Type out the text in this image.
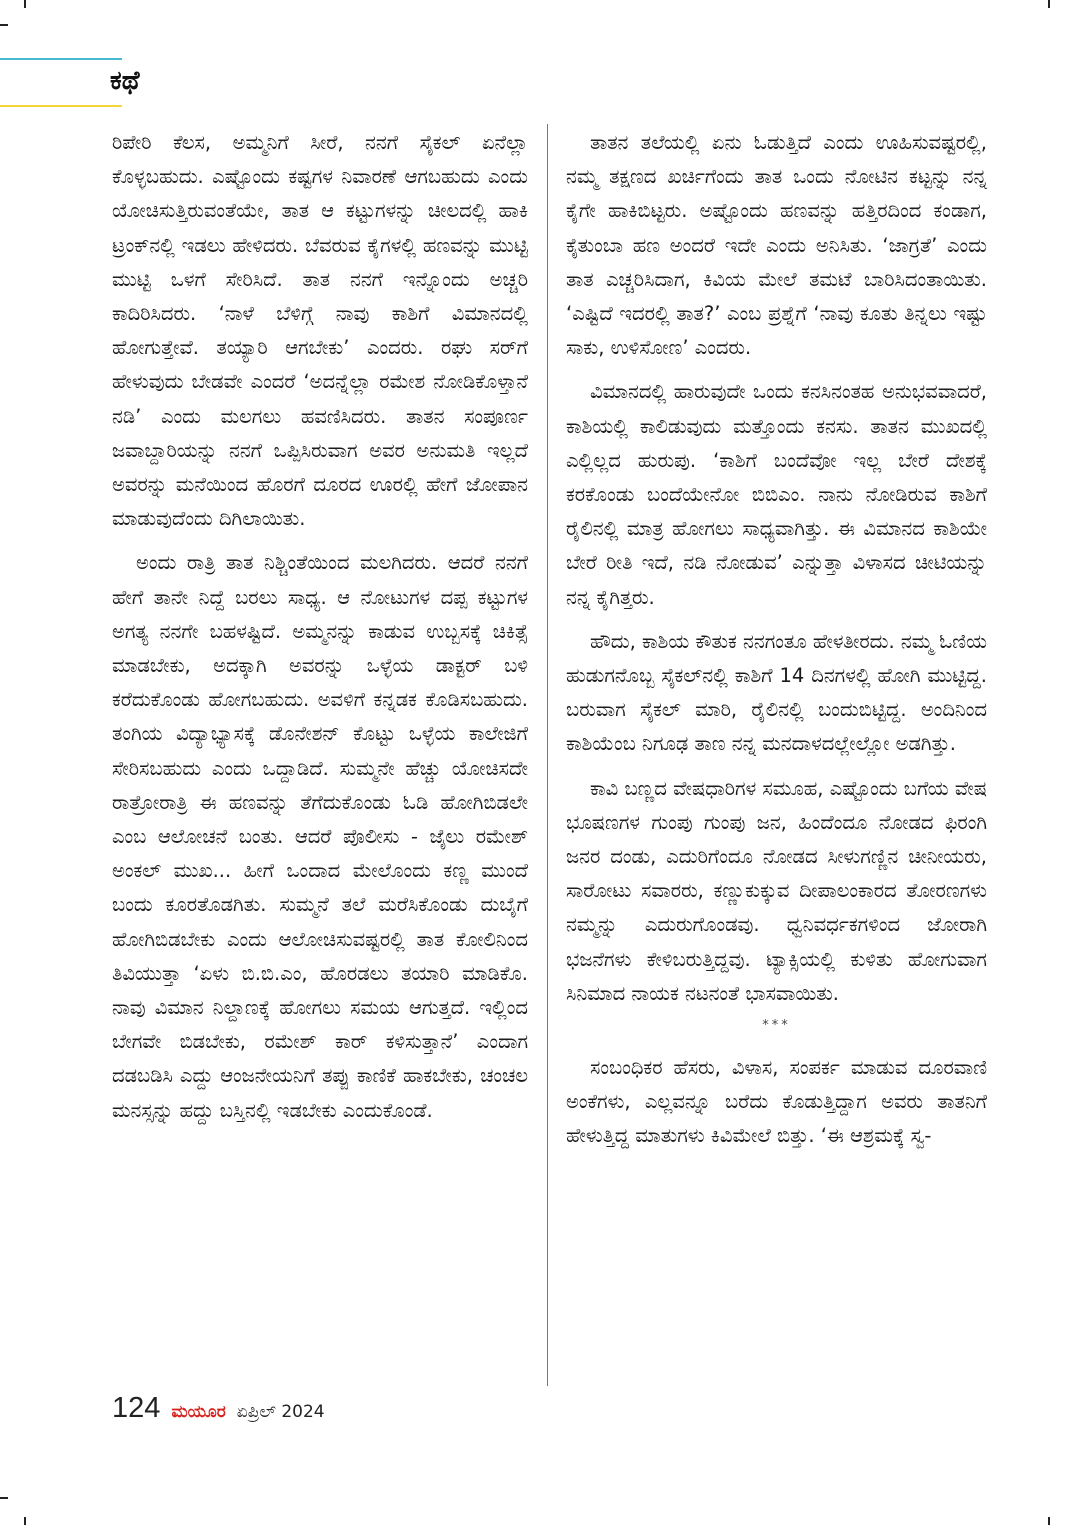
ಕಥೆ

ರಿಪೇರಿ ಕೆಲಸ, ಅಮ್ಮನಿಗೆ ಸೀರೆ, ನನಗೆ ಸೈಕಲ್ ಏನೆಲ್ಲಾ ಕೊಳ್ಳಬಹುದು. ಎಷ್ಟೊಂದು ಕಷ್ಟಗಳ ನಿವಾರಣೆ ಆಗಬಹುದು ಎಂದು ಯೋಚಿಸುತ್ತಿರುವಂತೆಯೇ, ತಾತ ಆ ಕಟ್ಟುಗಳನ್ನು ಚೀಲದಲ್ಲಿ ಹಾಕಿ ಟ್ರಂಕ್‌ನಲ್ಲಿ ಇಡಲು ಹೇಳಿದರು. ಬೆವರುವ ಕೈಗಳಲ್ಲಿ ಹಣವನ್ನು ಮುಟ್ಟಿ ಮುಟ್ಟಿ ಒಳಗೆ ಸೇರಿಸಿದೆ. ತಾತ ನನಗೆ ಇನ್ನೊಂದು ಅಚ್ಚರಿ ಕಾದಿರಿಸಿದರು. ‘ನಾಳೆ ಬೆಳಿಗ್ಗೆ ನಾವು ಕಾಶಿಗೆ ವಿಮಾನದಲ್ಲಿ ಹೋಗುತ್ತೇವೆ. ತಯ್ಯಾರಿ ಆಗಬೇಕು’ ಎಂದರು. ರಘು ಸರ್‌ಗೆ ಹೇಳುವುದು ಬೇಡವೇ ಎಂದರೆ ‘ಅದನ್ನೆಲ್ಲಾ ರಮೇಶ ನೋಡಿಕೊಳ್ತಾನೆ ನಡಿ’ ಎಂದು ಮಲಗಲು ಹವಣಿಸಿದರು. ತಾತನ ಸಂಪೂರ್ಣ ಜವಾಬ್ದಾರಿಯನ್ನು ನನಗೆ ಒಪ್ಪಿಸಿರುವಾಗ ಅವರ ಅನುಮತಿ ಇಲ್ಲದೆ ಅವರನ್ನು ಮನೆಯಿಂದ ಹೊರಗೆ ದೂರದ ಊರಲ್ಲಿ ಹೇಗೆ ಜೋಪಾನ ಮಾಡುವುದೆಂದು ದಿಗಿಲಾಯಿತು.

ಅಂದು ರಾತ್ರಿ ತಾತ ನಿಶ್ಚಿಂತೆಯಿಂದ ಮಲಗಿದರು. ಆದರೆ ನನಗೆ ಹೇಗೆ ತಾನೇ ನಿದ್ದೆ ಬರಲು ಸಾಧ್ಯ. ಆ ನೋಟುಗಳ ದಪ್ಪ ಕಟ್ಟುಗಳ ಅಗತ್ಯ ನನಗೇ ಬಹಳಷ್ಟಿದೆ. ಅಮ್ಮನನ್ನು ಕಾಡುವ ಉಬ್ಬಸಕ್ಕೆ ಚಿಕಿತ್ಸೆ ಮಾಡಬೇಕು, ಅದಕ್ಕಾಗಿ ಅವರನ್ನು ಒಳ್ಳೆಯ ಡಾಕ್ಟರ್ ಬಳಿ ಕರೆದುಕೊಂಡು ಹೋಗಬಹುದು. ಅವಳಿಗೆ ಕನ್ನಡಕ ಕೊಡಿಸಬಹುದು. ತಂಗಿಯ ವಿದ್ಯಾಭ್ಯಾಸಕ್ಕೆ ಡೊನೇಶನ್ ಕೊಟ್ಟು ಒಳ್ಳೆಯ ಕಾಲೇಜಿಗೆ ಸೇರಿಸಬಹುದು ಎಂದು ಒದ್ದಾಡಿದೆ. ಸುಮ್ಮನೇ ಹೆಚ್ಚು ಯೋಚಿಸದೇ ರಾತ್ರೋರಾತ್ರಿ ಈ ಹಣವನ್ನು ತೆಗೆದುಕೊಂಡು ಓಡಿ ಹೋಗಿಬಿಡಲೇ ಎಂಬ ಆಲೋಚನೆ ಬಂತು. ಆದರೆ ಪೊಲೀಸು - ಜೈಲು ರಮೇಶ್ ಅಂಕಲ್ ಮುಖ... ಹೀಗೆ ಒಂದಾದ ಮೇಲೊಂದು ಕಣ್ಣ ಮುಂದೆ ಬಂದು ಕೂರತೊಡಗಿತು. ಸುಮ್ಮನೆ ತಲೆ ಮರೆಸಿಕೊಂಡು ದುಬೈಗೆ ಹೋಗಿಬಿಡಬೇಕು ಎಂದು ಆಲೋಚಿಸುವಷ್ಟರಲ್ಲಿ ತಾತ ಕೋಲಿನಿಂದ ತಿವಿಯುತ್ತಾ ‘ಏಳು ಬಿ.ಬಿ.ಎಂ, ಹೊರಡಲು ತಯಾರಿ ಮಾಡಿಕೊ. ನಾವು ವಿಮಾನ ನಿಲ್ದಾಣಕ್ಕೆ ಹೋಗಲು ಸಮಯ ಆಗುತ್ತದೆ. ಇಲ್ಲಿಂದ ಬೇಗವೇ ಬಿಡಬೇಕು, ರಮೇಶ್ ಕಾರ್ ಕಳಿಸುತ್ತಾನೆ’ ಎಂದಾಗ ದಡಬಡಿಸಿ ಎದ್ದು ಆಂಜನೇಯನಿಗೆ ತಪ್ಪು ಕಾಣಿಕೆ ಹಾಕಬೇಕು, ಚಂಚಲ ಮನಸ್ಸನ್ನು ಹದ್ದು ಬಸ್ತಿನಲ್ಲಿ ಇಡಬೇಕು ಎಂದುಕೊಂಡೆ.

ತಾತನ ತಲೆಯಲ್ಲಿ ಏನು ಓಡುತ್ತಿದೆ ಎಂದು ಊಹಿಸುವಷ್ಟರಲ್ಲಿ, ನಮ್ಮ ತಕ್ಷಣದ ಖರ್ಚಿಗೆಂದು ತಾತ ಒಂದು ನೋಟಿನ ಕಟ್ಟನ್ನು ನನ್ನ ಕೈಗೇ ಹಾಕಿಬಿಟ್ಟರು. ಅಷ್ಟೊಂದು ಹಣವನ್ನು ಹತ್ತಿರದಿಂದ ಕಂಡಾಗ, ಕೈತುಂಬಾ ಹಣ ಅಂದರೆ ಇದೇ ಎಂದು ಅನಿಸಿತು. ‘ಜಾಗ್ರತೆ’ ಎಂದು ತಾತ ಎಚ್ಚರಿಸಿದಾಗ, ಕಿವಿಯ ಮೇಲೆ ತಮಟೆ ಬಾರಿಸಿದಂತಾಯಿತು. ‘ಎಷ್ಟಿದೆ ಇದರಲ್ಲಿ ತಾತ?’ ಎಂಬ ಪ್ರಶ್ನೆಗೆ ‘ನಾವು ಕೂತು ತಿನ್ನಲು ಇಷ್ಟು ಸಾಕು, ಉಳಿಸೋಣ’ ಎಂದರು.

ವಿಮಾನದಲ್ಲಿ ಹಾರುವುದೇ ಒಂದು ಕನಸಿನಂತಹ ಅನುಭವವಾದರೆ, ಕಾಶಿಯಲ್ಲಿ ಕಾಲಿಡುವುದು ಮತ್ತೊಂದು ಕನಸು. ತಾತನ ಮುಖದಲ್ಲಿ ಎಲ್ಲಿಲ್ಲದ ಹುರುಪು. ‘ಕಾಶಿಗೆ ಬಂದೆವೋ ಇಲ್ಲ ಬೇರೆ ದೇಶಕ್ಕೆ ಕರಕೊಂಡು ಬಂದೆಯೇನೋ ಬಿಬಿಎಂ. ನಾನು ನೋಡಿರುವ ಕಾಶಿಗೆ ರೈಲಿನಲ್ಲಿ ಮಾತ್ರ ಹೋಗಲು ಸಾಧ್ಯವಾಗಿತ್ತು. ಈ ವಿಮಾನದ ಕಾಶಿಯೇ ಬೇರೆ ರೀತಿ ಇದೆ, ನಡಿ ನೋಡುವ’ ಎನ್ನುತ್ತಾ ವಿಳಾಸದ ಚೀಟಿಯನ್ನು ನನ್ನ ಕೈಗಿತ್ತರು.

ಹೌದು, ಕಾಶಿಯ ಕೌತುಕ ನನಗಂತೂ ಹೇಳತೀರದು. ನಮ್ಮ ಓಣಿಯ ಹುಡುಗನೊಬ್ಬ ಸೈಕಲ್‌ನಲ್ಲಿ ಕಾಶಿಗೆ 14 ದಿನಗಳಲ್ಲಿ ಹೋಗಿ ಮುಟ್ಟಿದ್ದ. ಬರುವಾಗ ಸೈಕಲ್ ಮಾರಿ, ರೈಲಿನಲ್ಲಿ ಬಂದುಬಿಟ್ಟಿದ್ದ. ಅಂದಿನಿಂದ ಕಾಶಿಯೆಂಬ ನಿಗೂಢ ತಾಣ ನನ್ನ ಮನದಾಳದಲ್ಲೇಲ್ಲೋ ಅಡಗಿತ್ತು.

ಕಾವಿ ಬಣ್ಣದ ವೇಷಧಾರಿಗಳ ಸಮೂಹ, ಎಷ್ಟೊಂದು ಬಗೆಯ ವೇಷ ಭೂಷಣಗಳ ಗುಂಪು ಗುಂಪು ಜನ, ಹಿಂದೆಂದೂ ನೋಡದ ಫಿರಂಗಿ ಜನರ ದಂಡು, ಎದುರಿಗೆಂದೂ ನೋಡದ ಸೀಳುಗಣ್ಣಿನ ಚೀನೀಯರು, ಸಾರೋಟು ಸವಾರರು, ಕಣ್ಣುಕುಕ್ಕುವ ದೀಪಾಲಂಕಾರದ ತೋರಣಗಳು ನಮ್ಮನ್ನು ಎದುರುಗೊಂಡವು. ಧ್ವನಿವರ್ಧಕಗಳಿಂದ ಜೋರಾಗಿ ಭಜನೆಗಳು ಕೇಳಿಬರುತ್ತಿದ್ದವು. ಟ್ಯಾಕ್ಸಿಯಲ್ಲಿ ಕುಳಿತು ಹೋಗುವಾಗ ಸಿನಿಮಾದ ನಾಯಕ ನಟನಂತೆ ಭಾಸವಾಯಿತು.

***

ಸಂಬಂಧಿಕರ ಹೆಸರು, ವಿಳಾಸ, ಸಂಪರ್ಕ ಮಾಡುವ ದೂರವಾಣಿ ಅಂಕೆಗಳು, ಎಲ್ಲವನ್ನೂ ಬರೆದು ಕೊಡುತ್ತಿದ್ದಾಗ ಅವರು ತಾತನಿಗೆ ಹೇಳುತ್ತಿದ್ದ ಮಾತುಗಳು ಕಿವಿಮೇಲೆ ಬಿತ್ತು. ‘ಈ ಆಶ್ರಮಕ್ಕೆ ಸ್ವ-

124 ಮಯೂರ ಏಪ್ರಿಲ್ 2024
